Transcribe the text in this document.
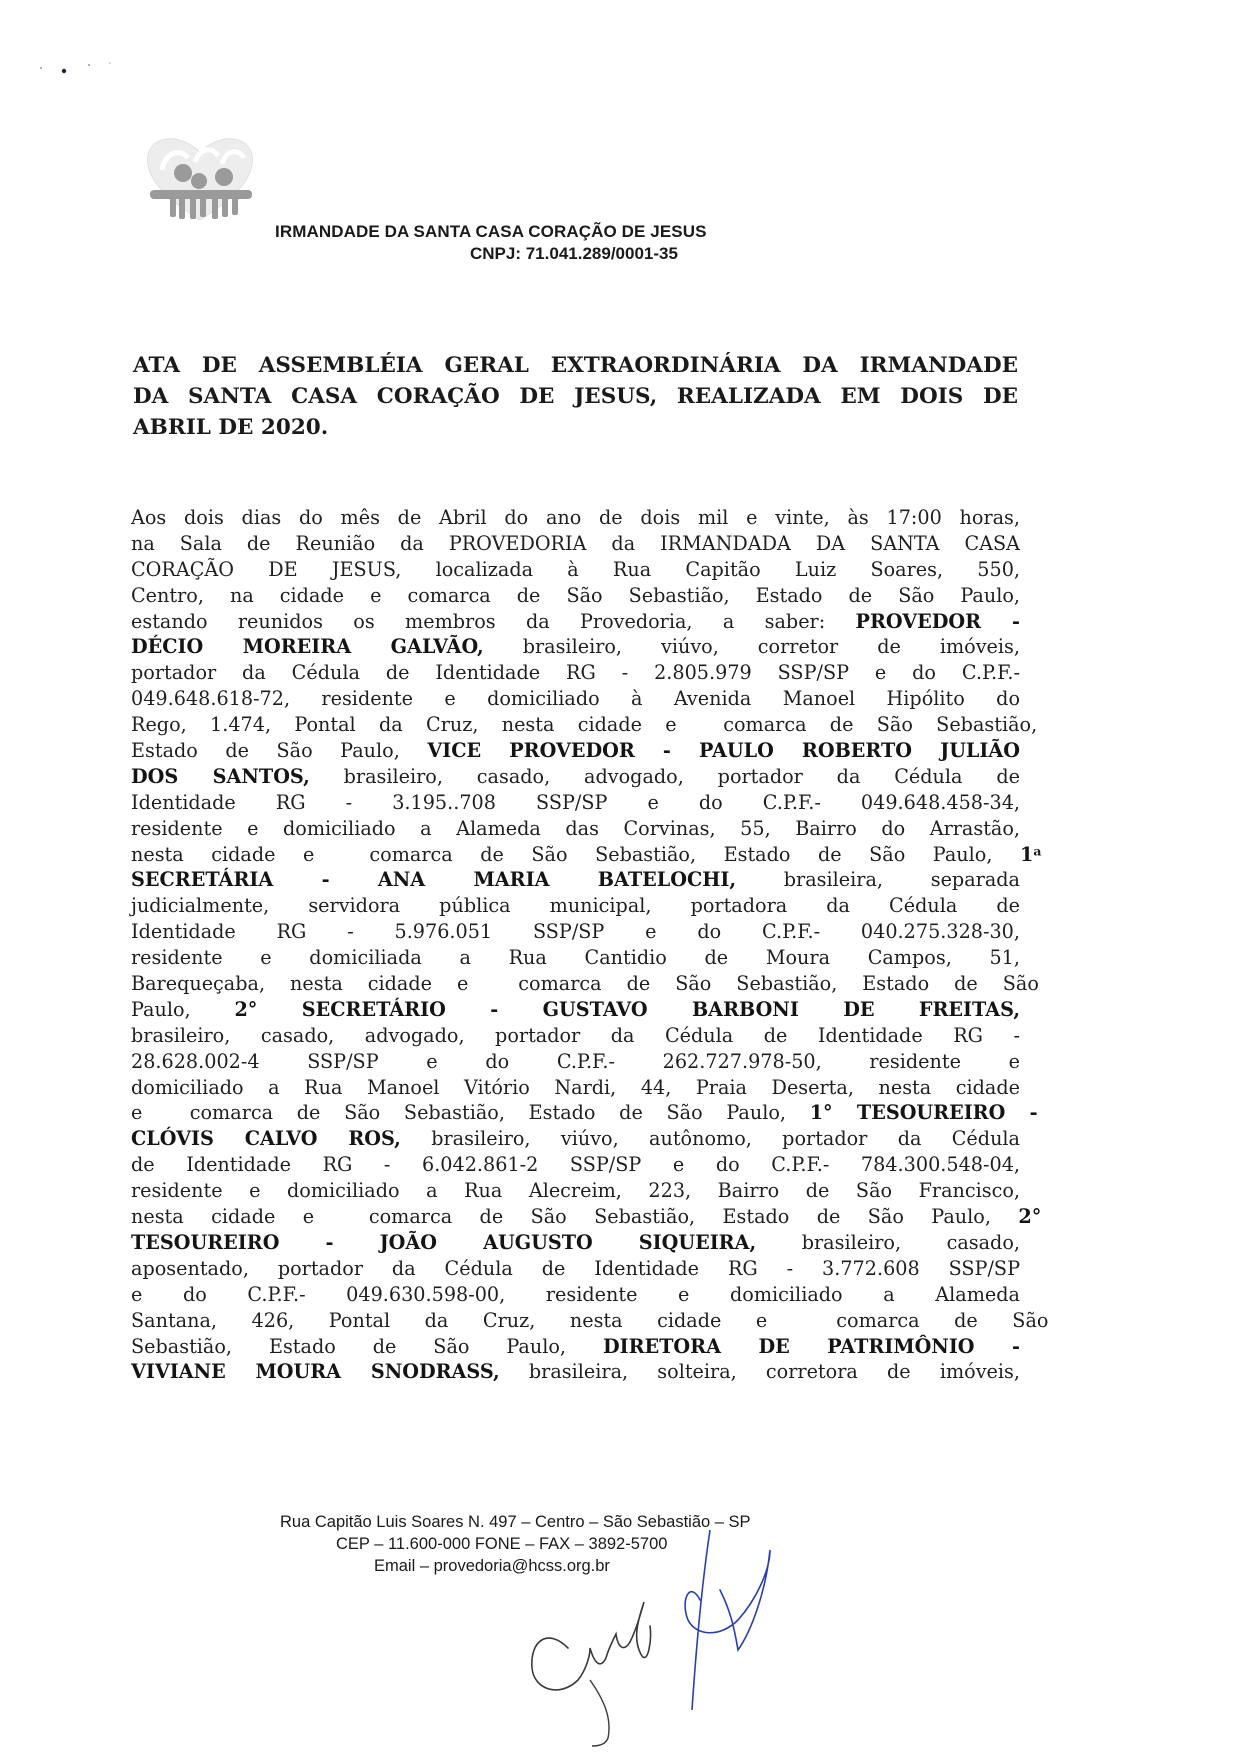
IRMANDADE DA SANTA CASA CORAÇÃO DE JESUS
CNPJ: 71.041.289/0001-35
ATA DE ASSEMBLÉIA GERAL EXTRAORDINÁRIA DA IRMANDADE
DA SANTA CASA CORAÇÃO DE JESUS, REALIZADA EM DOIS DE
ABRIL DE 2020.
Aos dois dias do mês de Abril do ano de dois mil e vinte, às 17:00 horas,
na Sala de Reunião da PROVEDORIA da IRMANDADA DA SANTA CASA
CORAÇÃO DE JESUS, localizada à Rua Capitão Luiz Soares, 550,
Centro, na cidade e comarca de São Sebastião, Estado de São Paulo,
estando reunidos os membros da Provedoria, a saber: PROVEDOR -
DÉCIO MOREIRA GALVÃO, brasileiro, viúvo, corretor de imóveis,
portador da Cédula de Identidade RG - 2.805.979 SSP/SP e do C.P.F.-
049.648.618-72, residente e domiciliado à Avenida Manoel Hipólito do
Rego, 1.474, Pontal da Cruz, nesta cidade e  comarca de São Sebastião,
Estado de São Paulo, VICE PROVEDOR - PAULO ROBERTO JULIÃO
DOS SANTOS, brasileiro, casado, advogado, portador da Cédula de
Identidade RG - 3.195..708 SSP/SP e do C.P.F.- 049.648.458-34,
residente e domiciliado a Alameda das Corvinas, 55, Bairro do Arrastão,
nesta cidade e  comarca de São Sebastião, Estado de São Paulo, 1$^a$
SECRETÁRIA - ANA MARIA BATELOCHI, brasileira, separada
judicialmente, servidora pública municipal, portadora da Cédula de
Identidade RG - 5.976.051 SSP/SP e do C.P.F.- 040.275.328-30,
residente e domiciliada a Rua Cantidio de Moura Campos, 51,
Barequeçaba, nesta cidade e  comarca de São Sebastião, Estado de São
Paulo, 2° SECRETÁRIO - GUSTAVO BARBONI DE FREITAS,
brasileiro, casado, advogado, portador da Cédula de Identidade RG -
28.628.002-4 SSP/SP e do C.P.F.- 262.727.978-50, residente e
domiciliado a Rua Manoel Vitório Nardi, 44, Praia Deserta, nesta cidade
e  comarca de São Sebastião, Estado de São Paulo, 1° TESOUREIRO -
CLÓVIS CALVO ROS, brasileiro, viúvo, autônomo, portador da Cédula
de Identidade RG - 6.042.861-2 SSP/SP e do C.P.F.- 784.300.548-04,
residente e domiciliado a Rua Alecreim, 223, Bairro de São Francisco,
nesta cidade e  comarca de São Sebastião, Estado de São Paulo, 2°
TESOUREIRO - JOÃO AUGUSTO SIQUEIRA, brasileiro, casado,
aposentado, portador da Cédula de Identidade RG - 3.772.608 SSP/SP
e do C.P.F.- 049.630.598-00, residente e domiciliado a Alameda
Santana, 426, Pontal da Cruz, nesta cidade e  comarca de São
Sebastião, Estado de São Paulo, DIRETORA DE PATRIMÔNIO -
VIVIANE MOURA SNODRASS, brasileira, solteira, corretora de imóveis,
Rua Capitão Luis Soares N. 497 – Centro – São Sebastião – SP
CEP – 11.600-000 FONE – FAX – 3892-5700
Email – provedoria@hcss.org.br
